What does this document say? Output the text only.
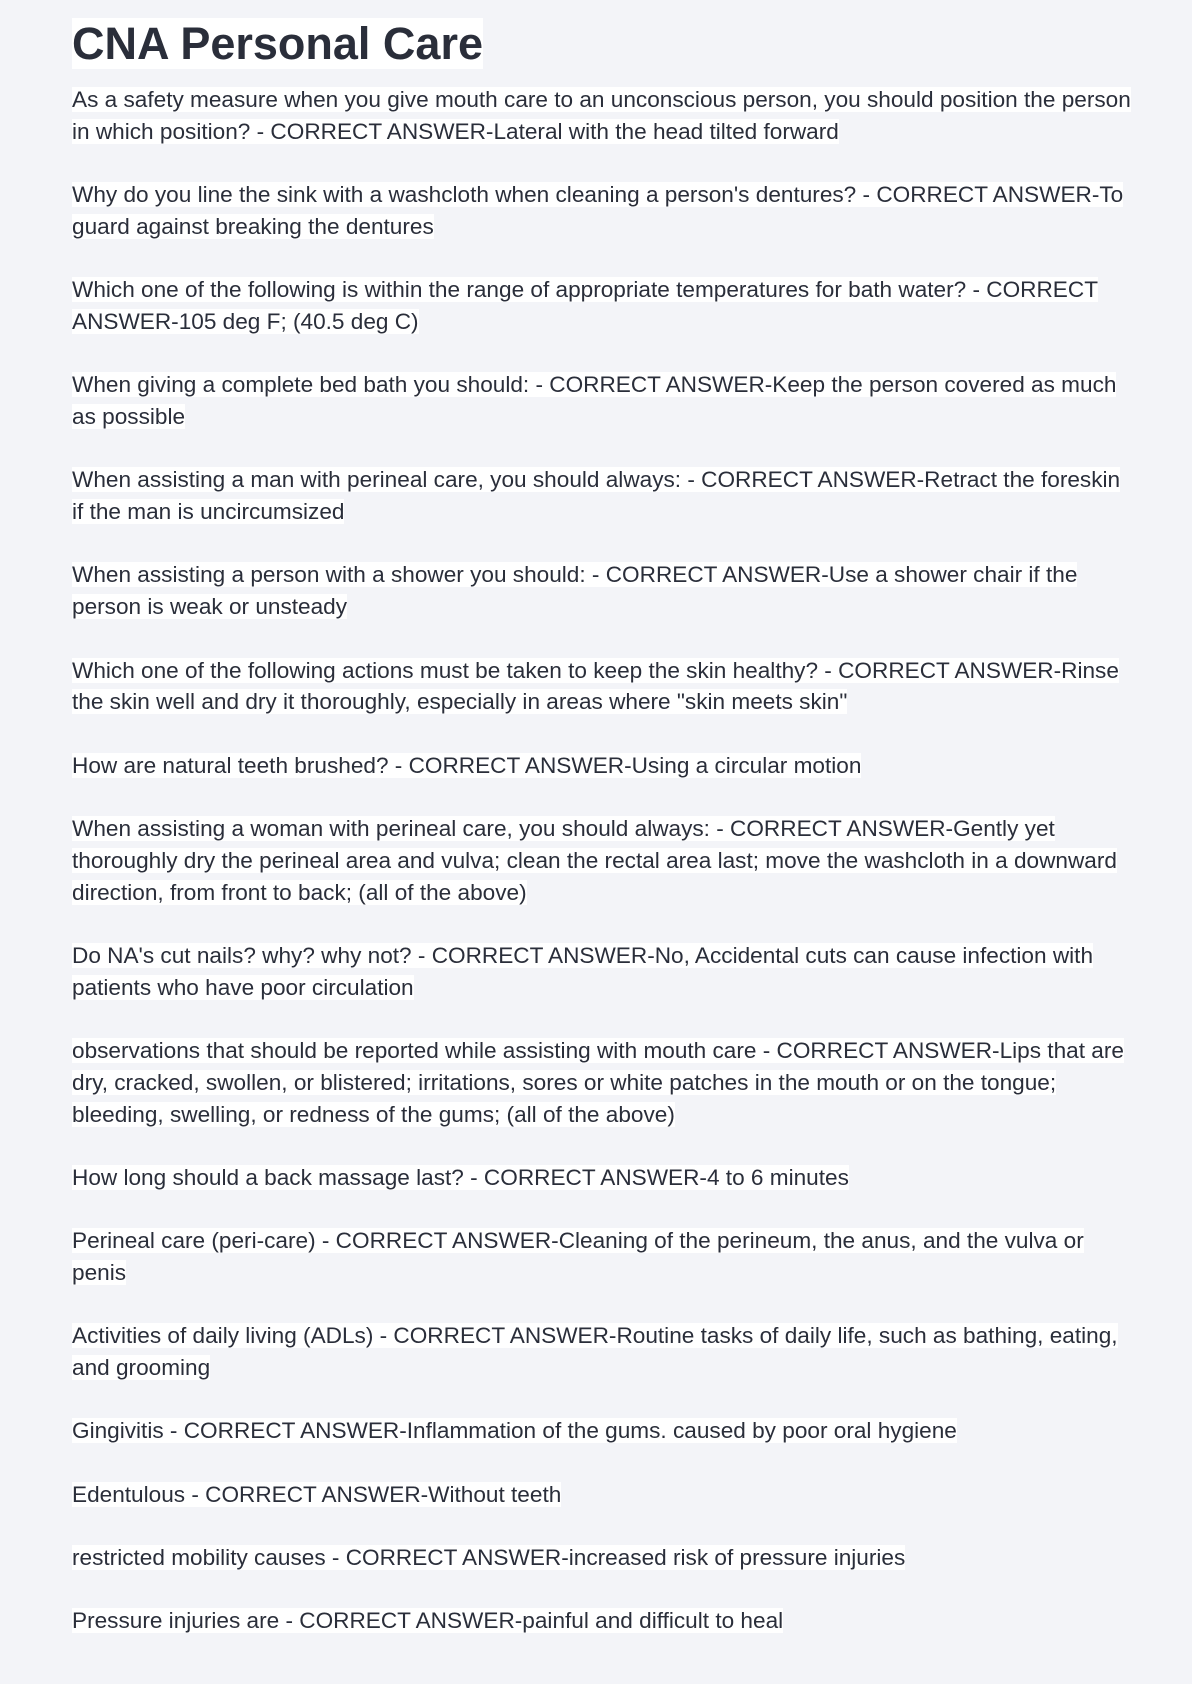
CNA Personal Care
As a safety measure when you give mouth care to an unconscious person, you should position the person in which position? - CORRECT ANSWER-Lateral with the head tilted forward
Why do you line the sink with a washcloth when cleaning a person's dentures? - CORRECT ANSWER-To guard against breaking the dentures
Which one of the following is within the range of appropriate temperatures for bath water? - CORRECT ANSWER-105 deg F; (40.5 deg C)
When giving a complete bed bath you should: - CORRECT ANSWER-Keep the person covered as much as possible
When assisting a man with perineal care, you should always: - CORRECT ANSWER-Retract the foreskin if the man is uncircumsized
When assisting a person with a shower you should: - CORRECT ANSWER-Use a shower chair if the person is weak or unsteady
Which one of the following actions must be taken to keep the skin healthy? - CORRECT ANSWER-Rinse the skin well and dry it thoroughly, especially in areas where "skin meets skin"
How are natural teeth brushed? - CORRECT ANSWER-Using a circular motion
When assisting a woman with perineal care, you should always: - CORRECT ANSWER-Gently yet thoroughly dry the perineal area and vulva; clean the rectal area last; move the washcloth in a downward direction, from front to back; (all of the above)
Do NA's cut nails? why? why not? - CORRECT ANSWER-No, Accidental cuts can cause infection with patients who have poor circulation
observations that should be reported while assisting with mouth care - CORRECT ANSWER-Lips that are dry, cracked, swollen, or blistered; irritations, sores or white patches in the mouth or on the tongue; bleeding, swelling, or redness of the gums; (all of the above)
How long should a back massage last? - CORRECT ANSWER-4 to 6 minutes
Perineal care (peri-care) - CORRECT ANSWER-Cleaning of the perineum, the anus, and the vulva or penis
Activities of daily living (ADLs) - CORRECT ANSWER-Routine tasks of daily life, such as bathing, eating, and grooming
Gingivitis - CORRECT ANSWER-Inflammation of the gums. caused by poor oral hygiene
Edentulous - CORRECT ANSWER-Without teeth
restricted mobility causes - CORRECT ANSWER-increased risk of pressure injuries
Pressure injuries are - CORRECT ANSWER-painful and difficult to heal
